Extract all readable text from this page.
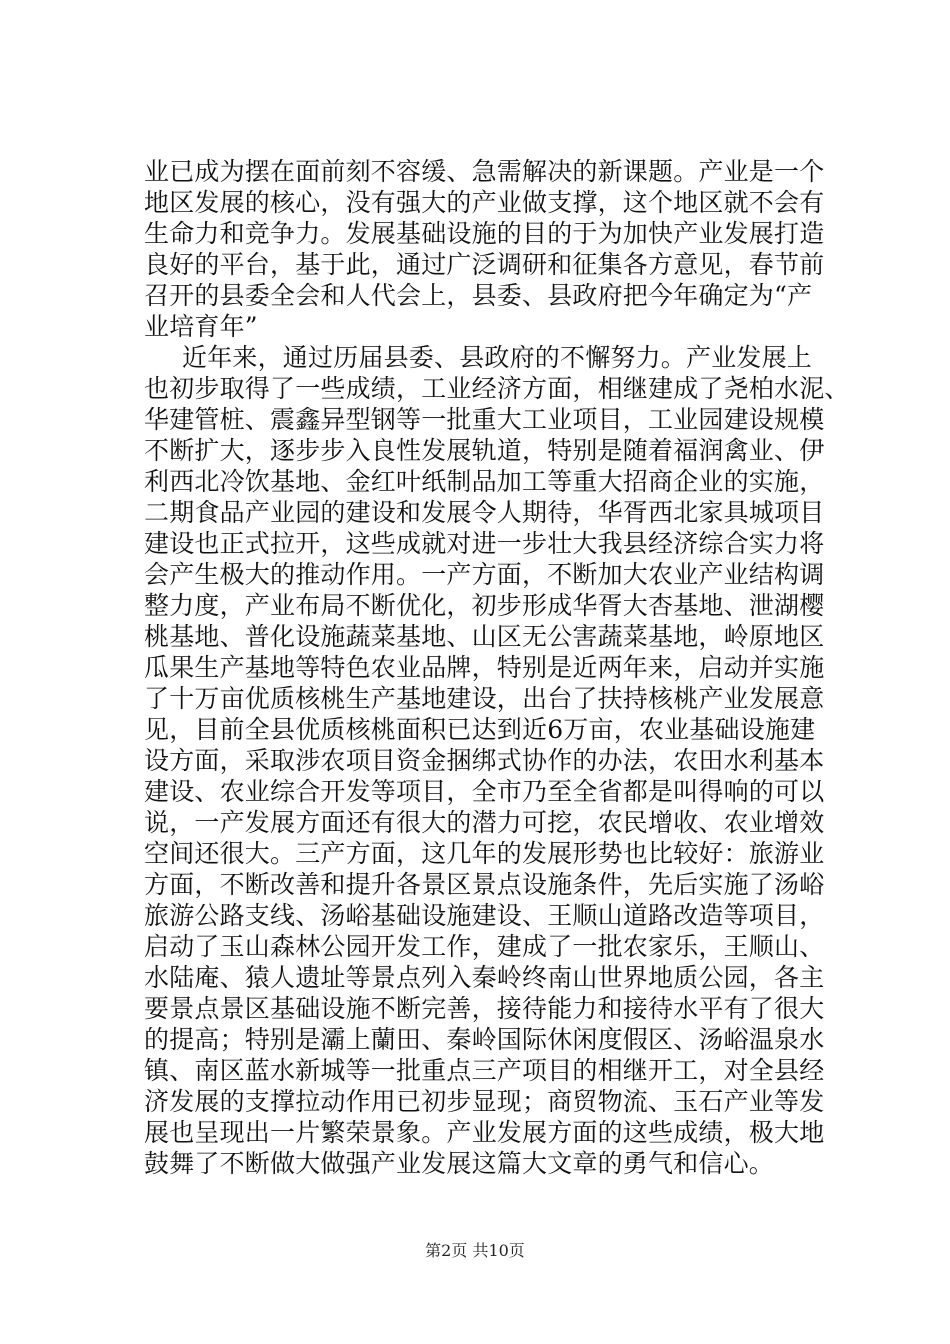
业已成为摆在面前刻不容缓、急需解决的新课题。产业是一个
地区发展的核心，没有强大的产业做支撑，这个地区就不会有
生命力和竞争力。发展基础设施的目的于为加快产业发展打造
良好的平台，基于此，通过广泛调研和征集各方意见，春节前
召开的县委全会和人代会上，县委、县政府把今年确定为“产
业培育年”
近年来，通过历届县委、县政府的不懈努力。产业发展上
也初步取得了一些成绩，工业经济方面，相继建成了尧柏水泥、
华建管桩、震鑫异型钢等一批重大工业项目，工业园建设规模
不断扩大，逐步步入良性发展轨道，特别是随着福润禽业、伊
利西北冷饮基地、金红叶纸制品加工等重大招商企业的实施，
二期食品产业园的建设和发展令人期待，华胥西北家具城项目
建设也正式拉开，这些成就对进一步壮大我县经济综合实力将
会产生极大的推动作用。一产方面，不断加大农业产业结构调
整力度，产业布局不断优化，初步形成华胥大杏基地、泄湖樱
桃基地、普化设施蔬菜基地、山区无公害蔬菜基地，岭原地区
瓜果生产基地等特色农业品牌，特别是近两年来，启动并实施
了十万亩优质核桃生产基地建设，出台了扶持核桃产业发展意
见，目前全县优质核桃面积已达到近6万亩，农业基础设施建
设方面，采取涉农项目资金捆绑式协作的办法，农田水利基本
建设、农业综合开发等项目，全市乃至全省都是叫得响的可以
说，一产发展方面还有很大的潜力可挖，农民增收、农业增效
空间还很大。三产方面，这几年的发展形势也比较好：旅游业
方面，不断改善和提升各景区景点设施条件，先后实施了汤峪
旅游公路支线、汤峪基础设施建设、王顺山道路改造等项目，
启动了玉山森林公园开发工作，建成了一批农家乐，王顺山、
水陆庵、猿人遗址等景点列入秦岭终南山世界地质公园，各主
要景点景区基础设施不断完善，接待能力和接待水平有了很大
的提高；特别是灞上蘭田、秦岭国际休闲度假区、汤峪温泉水
镇、南区蓝水新城等一批重点三产项目的相继开工，对全县经
济发展的支撑拉动作用已初步显现；商贸物流、玉石产业等发
展也呈现出一片繁荣景象。产业发展方面的这些成绩，极大地
鼓舞了不断做大做强产业发展这篇大文章的勇气和信心。
第2页 共10页
